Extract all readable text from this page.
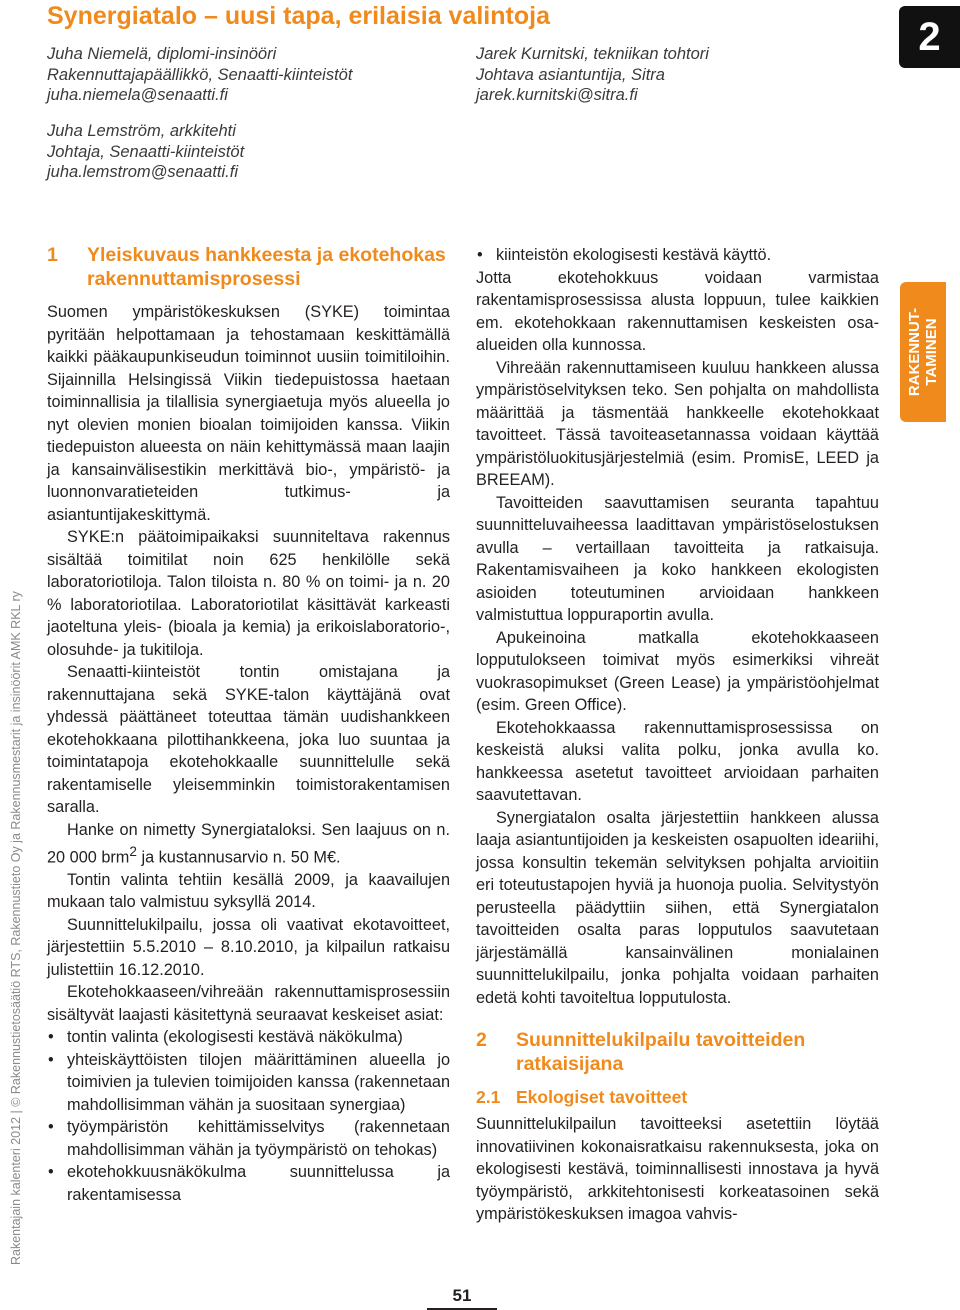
Synergiatalo – uusi tapa, erilaisia valintoja
Juha Niemelä, diplomi-insinööri
Rakennuttajapäällikkö, Senaatti-kiinteistöt
juha.niemela@senaatti.fi
Jarek Kurnitski, tekniikan tohtori
Johtava asiantuntija, Sitra
jarek.kurnitski@sitra.fi
Juha Lemström, arkkitehti
Johtaja, Senaatti-kiinteistöt
juha.lemstrom@senaatti.fi
2
RAKENNUT- TAMINEN
Rakentajain kalenteri 2012 | © Rakennustietosäätiö RTS, Rakennustieto Oy ja Rakennusmestarit ja insinöörit AMK RKL ry
1	Yleiskuvaus hankkeesta ja ekotehokas rakennuttamisprosessi

Suomen ympäristökeskuksen (SYKE) toimintaa pyritään helpottamaan ja tehostamaan keskittämällä kaikki pääkaupunkiseudun toiminnot uusiin toimitiloihin. Sijainnilla Helsingissä Viikin tiedepuistossa haetaan toiminnallisia ja tilallisia synergiaetuja myös alueella jo nyt olevien monien bioalan toimijoiden kanssa. Viikin tiedepuiston alueesta on näin kehittymässä maan laajin ja kansainvälisestikin merkittävä bio-, ympäristö- ja luonnonvaratieteiden tutkimus- ja asiantuntijakeskittymä.

SYKE:n päätoimipaikaksi suunniteltava rakennus sisältää toimitilat noin 625 henkilölle sekä laboratoriotiloja. Talon tiloista n. 80 % on toimi- ja n. 20 % laboratoriotilaa. Laboratoriotilat käsittävät karkeasti jaoteltuna yleis- (bioala ja kemia) ja erikoislaboratorio-, olosuhde- ja tukitiloja.

Senaatti-kiinteistöt tontin omistajana ja rakennuttajana sekä SYKE-talon käyttäjänä ovat yhdessä päättäneet toteuttaa tämän uudishankkeen ekotehokkaana pilottihankkeena, joka luo suuntaa ja toimintatapoja ekotehokkaalle suunnittelulle sekä rakentamiselle yleisemminkin toimistorakentamisen saralla.

Hanke on nimetty Synergiataloksi. Sen laajuus on n. 20 000 brm$^2$ ja kustannusarvio n. 50 M€.

Tontin valinta tehtiin kesällä 2009, ja kaavailujen mukaan talo valmistuu syksyllä 2014.

Suunnittelukilpailu, jossa oli vaativat ekotavoitteet, järjestettiin 5.5.2010 – 8.10.2010, ja kilpailun ratkaisu julistettiin 16.12.2010.

Ekotehokkaaseen/vihreään rakennuttamisprosessiin sisältyvät laajasti käsitettynä seuraavat keskeiset asiat:

• tontin valinta (ekologisesti kestävä näkökulma)
• yhteiskäyttöisten tilojen määrittäminen alueella jo toimivien ja tulevien toimijoiden kanssa (rakennetaan mahdollisimman vähän ja suositaan synergiaa)
• työympäristön kehittämisselvitys (rakennetaan mahdollisimman vähän ja työympäristö on tehokas)
• ekotehokkuusnäkökulma suunnittelussa ja rakentamisessa
• kiinteistön ekologisesti kestävä käyttö.

Jotta ekotehokkuus voidaan varmistaa rakentamisprosessissa alusta loppuun, tulee kaikkien em. ekotehokkaan rakennuttamisen keskeisten osa-alueiden olla kunnossa.

Vihreään rakennuttamiseen kuuluu hankkeen alussa ympäristöselvityksen teko. Sen pohjalta on mahdollista määrittää ja täsmentää hankkeelle ekotehokkaat tavoitteet. Tässä tavoiteasetannassa voidaan käyttää ympäristöluokitusjärjestelmiä (esim. PromisE, LEED ja BREEAM).

Tavoitteiden saavuttamisen seuranta tapahtuu suunnitteluvaiheessa laadittavan ympäristöselostuksen avulla – vertaillaan tavoitteita ja ratkaisuja. Rakentamisvaiheen ja koko hankkeen ekologisten asioiden toteutuminen arvioidaan hankkeen valmistuttua loppuraportin avulla.

Apukeinoina matkalla ekotehokkaaseen lopputulokseen toimivat myös esimerkiksi vihreät vuokrasopimukset (Green Lease) ja ympäristöohjelmat (esim. Green Office).

Ekotehokkaassa rakennuttamisprosessissa on keskeistä aluksi valita polku, jonka avulla ko. hankkeessa asetetut tavoitteet arvioidaan parhaiten saavutettavan.

Synergiatalon osalta järjestettiin hankkeen alussa laaja asiantuntijoiden ja keskeisten osapuolten ideariihi, jossa konsultin tekemän selvityksen pohjalta arvioitiin eri toteutustapojen hyviä ja huonoja puolia. Selvitystyön perusteella päädyttiin siihen, että Synergiatalon tavoitteiden osalta paras lopputulos saavutetaan järjestämällä kansainvälinen monialainen suunnittelukilpailu, jonka pohjalta voidaan parhaiten edetä kohti tavoiteltua lopputulosta.

2	Suunnittelukilpailu tavoitteiden ratkaisijana
2.1 Ekologiset tavoitteet

Suunnittelukilpailun tavoitteeksi asetettiin löytää innovatiivinen kokonaisratkaisu rakennuksesta, joka on ekologisesti kestävä, toiminnallisesti innostava ja hyvä työympäristö, arkkitehtonisesti korkeatasoinen sekä ympäristökeskuksen imagoa vahvis-

51
